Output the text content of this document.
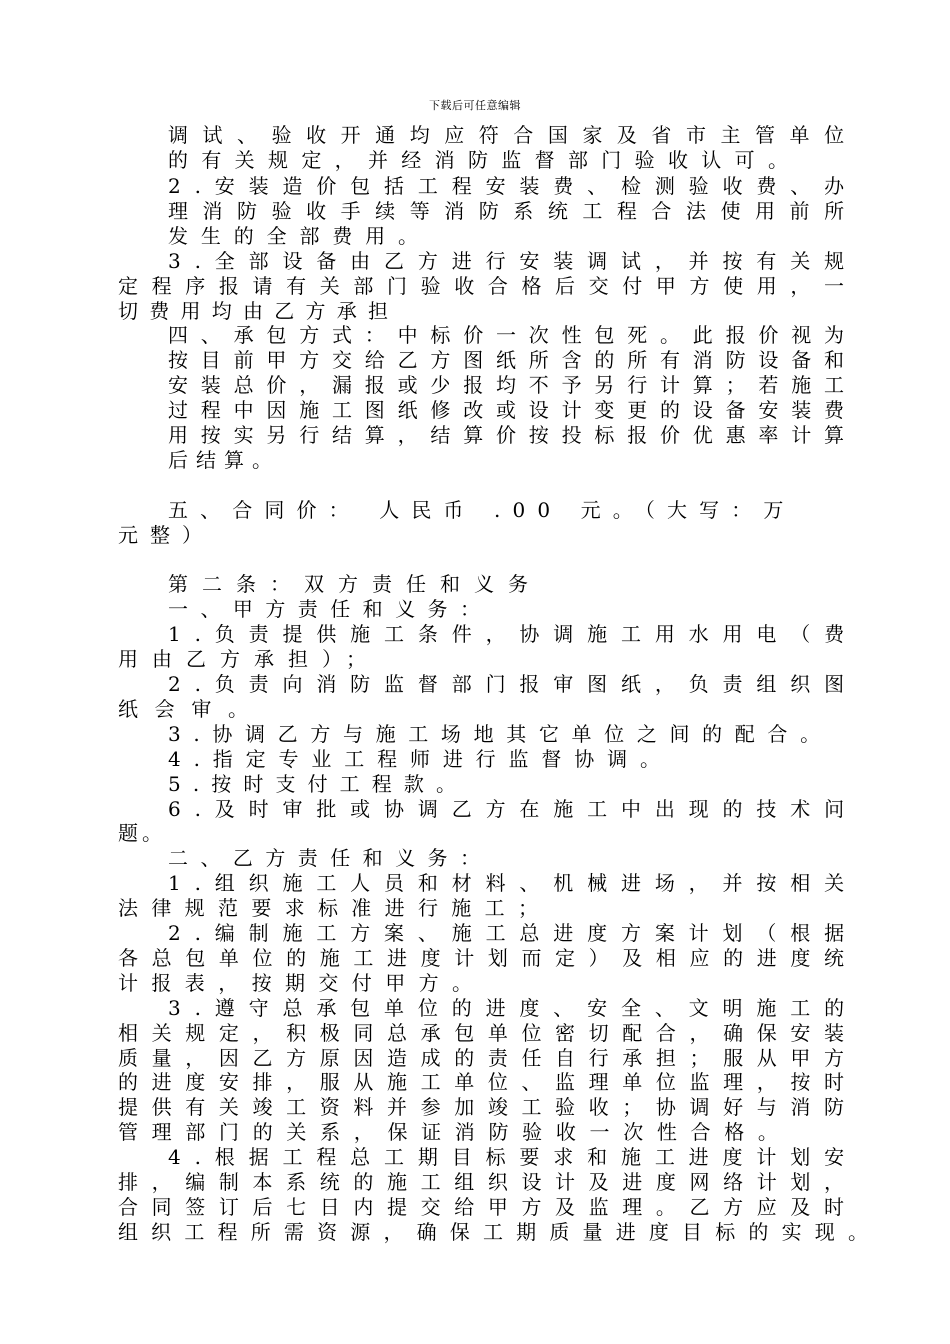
下载后可任意编辑
调试、验收开通均应符合国家及省市主管单位
的有关规定，并经消防监督部门验收认可。
2.安装造价包括工程安装费、检测验收费、办
理消防验收手续等消防系统工程合法使用前所
发生的全部费用。
3.全部设备由乙方进行安装调试，并按有关规
定程序报请有关部门验收合格后交付甲方使用，一
切费用均由乙方承担
四、承包方式：中标价一次性包死。此报价视为
按目前甲方交给乙方图纸所含的所有消防设备和
安装总价，漏报或少报均不予另行计算；若施工
过程中因施工图纸修改或设计变更的设备安装费
用按实另行结算，结算价按投标报价优惠率计算
后结算。
五、合同价： 人民币 .00 元。（大写：万
元整）
第二条：双方责任和义务
一、甲方责任和义务：
1.负责提供施工条件，协调施工用水用电（费
用由乙方承担）；
2.负责向消防监督部门报审图纸，负责组织图
纸会审。
3.协调乙方与施工场地其它单位之间的配合。
4.指定专业工程师进行监督协调。
5.按时支付工程款。
6.及时审批或协调乙方在施工中出现的技术问
题。
二、乙方责任和义务：
1.组织施工人员和材料、机械进场，并按相关
法律规范要求标准进行施工；
2.编制施工方案、施工总进度方案计划（根据
各总包单位的施工进度计划而定）及相应的进度统
计报表，按期交付甲方。
3.遵守总承包单位的进度、安全、文明施工的
相关规定，积极同总承包单位密切配合，确保安装
质量，因乙方原因造成的责任自行承担；服从甲方
的进度安排，服从施工单位、监理单位监理，按时
提供有关竣工资料并参加竣工验收；协调好与消防
管理部门的关系，保证消防验收一次性合格。
4.根据工程总工期目标要求和施工进度计划安
排，编制本系统的施工组织设计及进度网络计划，
合同签订后七日内提交给甲方及监理。乙方应及时
组织工程所需资源，确保工期质量进度目标的实现。
